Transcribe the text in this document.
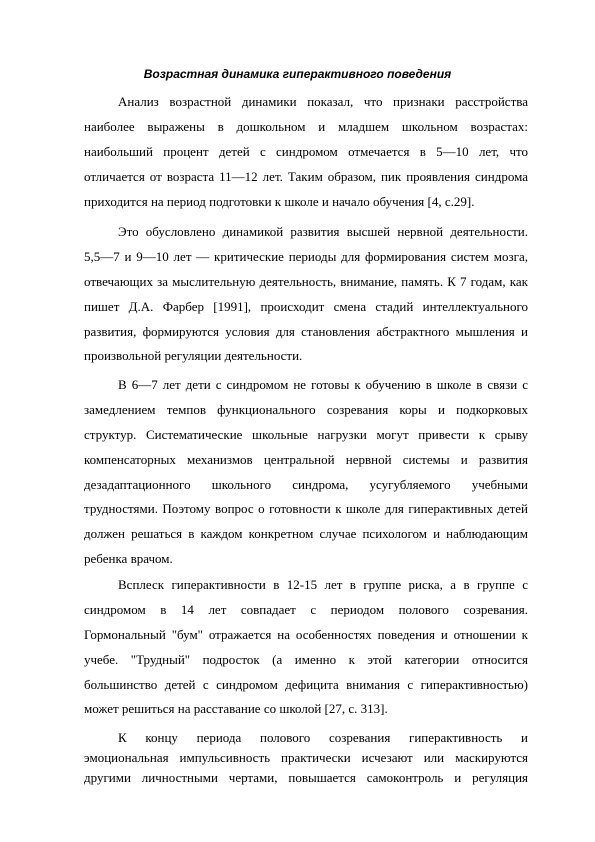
Возрастная динамика гиперактивного поведения
Анализ возрастной динамики показал, что признаки расстройства
наиболее выражены в дошкольном и младшем школьном возрастах:
наибольший процент детей с синдромом отмечается в 5—10 лет, что
отличается от возраста 11—12 лет. Таким образом, пик проявления синдрома
приходится на период подготовки к школе и начало обучения [4, с.29].
Это обусловлено динамикой развития высшей нервной деятельности.
5,5—7 и 9—10 лет — критические периоды для формирования систем мозга,
отвечающих за мыслительную деятельность, внимание, память. К 7 годам, как
пишет Д.А. Фарбер [1991], происходит смена стадий интеллектуального
развития, формируются условия для становления абстрактного мышления и
произвольной регуляции деятельности.
В 6—7 лет дети с синдромом не готовы к обучению в школе в связи с
замедлением темпов функционального созревания коры и подкорковых
структур. Систематические школьные нагрузки могут привести к срыву
компенсаторных механизмов центральной нервной системы и развития
дезадаптационного школьного синдрома, усугубляемого учебными
трудностями. Поэтому вопрос о готовности к школе для гиперактивных детей
должен решаться в каждом конкретном случае психологом и наблюдающим
ребенка врачом.
Всплеск гиперактивности в 12-15 лет в группе риска, а в группе с
синдромом в 14 лет совпадает с периодом полового созревания.
Гормональный "бум" отражается на особенностях поведения и отношении к
учебе. "Трудный" подросток (а именно к этой категории относится
большинство детей с синдромом дефицита внимания с гиперактивностью)
может решиться на расставание со школой [27, с. 313].
К концу периода полового созревания гиперактивность и
эмоциональная импульсивность практически исчезают или маскируются
другими личностными чертами, повышается самоконтроль и регуляция
